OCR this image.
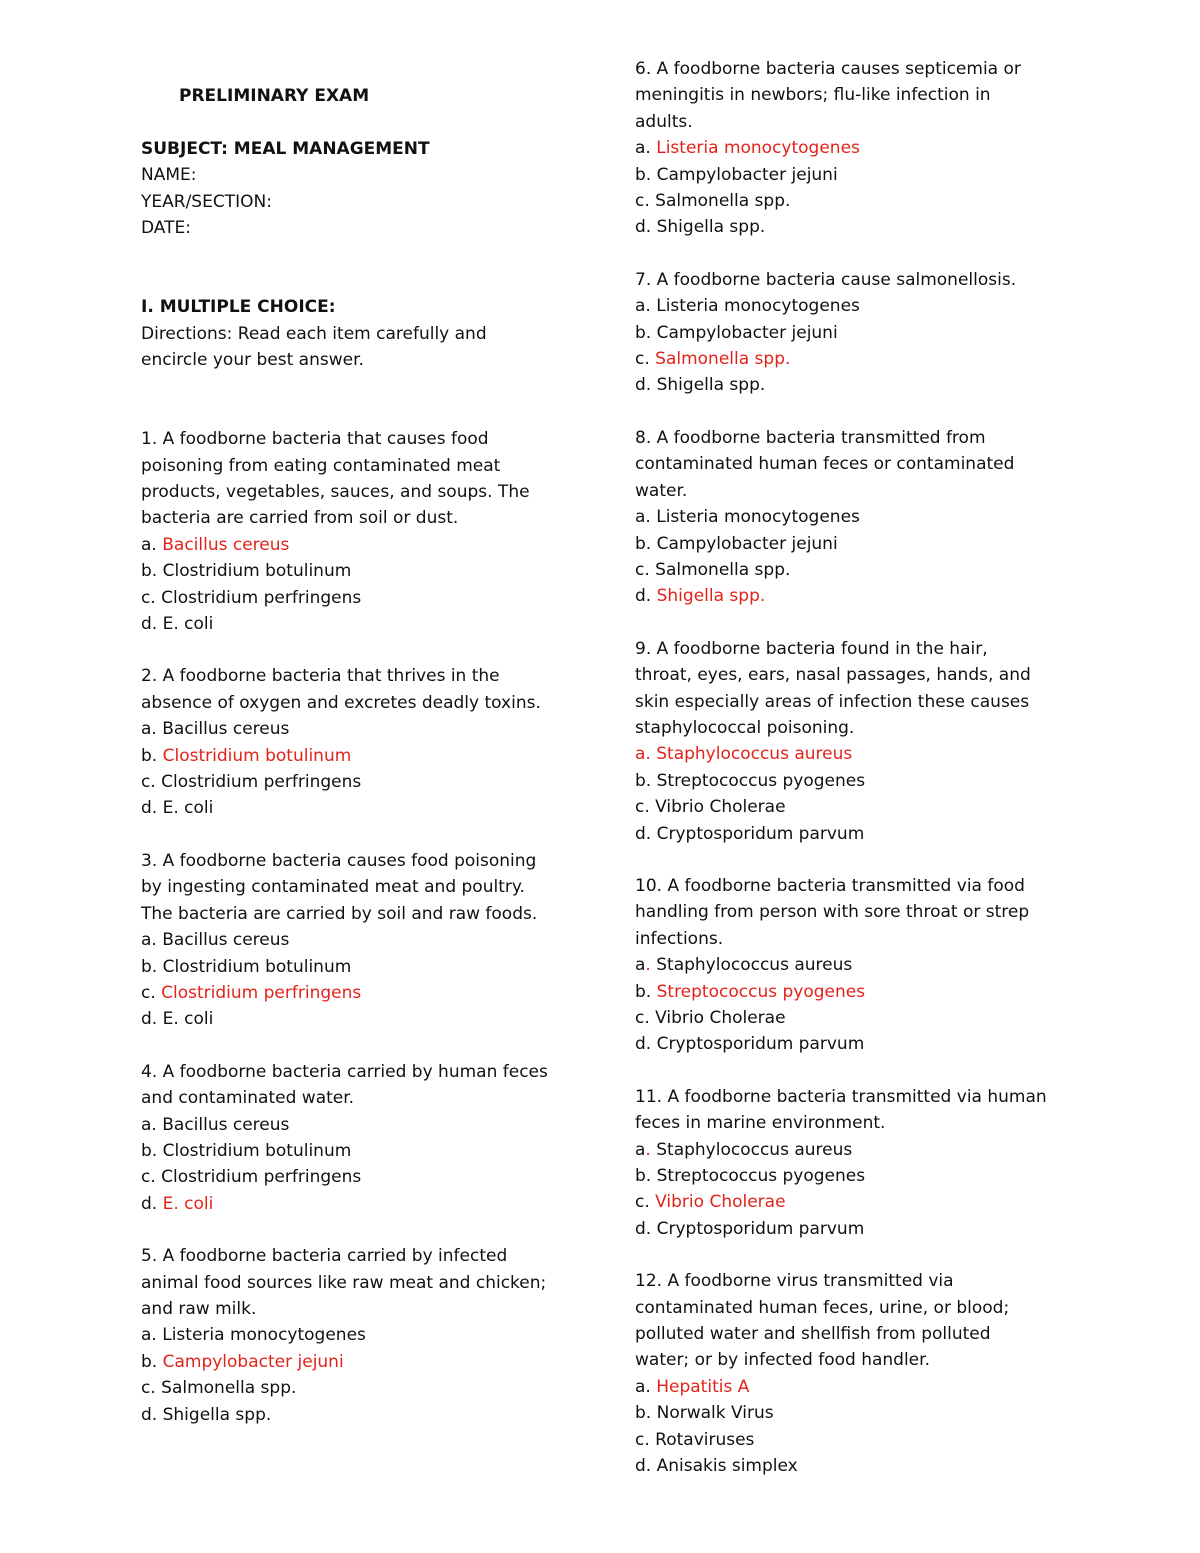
PRELIMINARY EXAM
SUBJECT: MEAL MANAGEMENT
NAME:
YEAR/SECTION:
DATE:
I. MULTIPLE CHOICE:
Directions: Read each item carefully and
encircle your best answer.
1. A foodborne bacteria that causes food
poisoning from eating contaminated meat
products, vegetables, sauces, and soups. The
bacteria are carried from soil or dust.
a. Bacillus cereus
b. Clostridium botulinum
c. Clostridium perfringens
d. E. coli
2. A foodborne bacteria that thrives in the
absence of oxygen and excretes deadly toxins.
a. Bacillus cereus
b. Clostridium botulinum
c. Clostridium perfringens
d. E. coli
3. A foodborne bacteria causes food poisoning
by ingesting contaminated meat and poultry.
The bacteria are carried by soil and raw foods.
a. Bacillus cereus
b. Clostridium botulinum
c. Clostridium perfringens
d. E. coli
4. A foodborne bacteria carried by human feces
and contaminated water.
a. Bacillus cereus
b. Clostridium botulinum
c. Clostridium perfringens
d. E. coli
5. A foodborne bacteria carried by infected
animal food sources like raw meat and chicken;
and raw milk.
a. Listeria monocytogenes
b. Campylobacter jejuni
c. Salmonella spp.
d. Shigella spp.
6. A foodborne bacteria causes septicemia or
meningitis in newbors; flu-like infection in
adults.
a. Listeria monocytogenes
b. Campylobacter jejuni
c. Salmonella spp.
d. Shigella spp.
7. A foodborne bacteria cause salmonellosis.
a. Listeria monocytogenes
b. Campylobacter jejuni
c. Salmonella spp.
d. Shigella spp.
8. A foodborne bacteria transmitted from
contaminated human feces or contaminated
water.
a. Listeria monocytogenes
b. Campylobacter jejuni
c. Salmonella spp.
d. Shigella spp.
9. A foodborne bacteria found in the hair,
throat, eyes, ears, nasal passages, hands, and
skin especially areas of infection these causes
staphylococcal poisoning.
a. Staphylococcus aureus
b. Streptococcus pyogenes
c. Vibrio Cholerae
d. Cryptosporidum parvum
10. A foodborne bacteria transmitted via food
handling from person with sore throat or strep
infections.
a. Staphylococcus aureus
b. Streptococcus pyogenes
c. Vibrio Cholerae
d. Cryptosporidum parvum
11. A foodborne bacteria transmitted via human
feces in marine environment.
a. Staphylococcus aureus
b. Streptococcus pyogenes
c. Vibrio Cholerae
d. Cryptosporidum parvum
12. A foodborne virus transmitted via
contaminated human feces, urine, or blood;
polluted water and shellfish from polluted
water; or by infected food handler.
a. Hepatitis A
b. Norwalk Virus
c. Rotaviruses
d. Anisakis simplex
